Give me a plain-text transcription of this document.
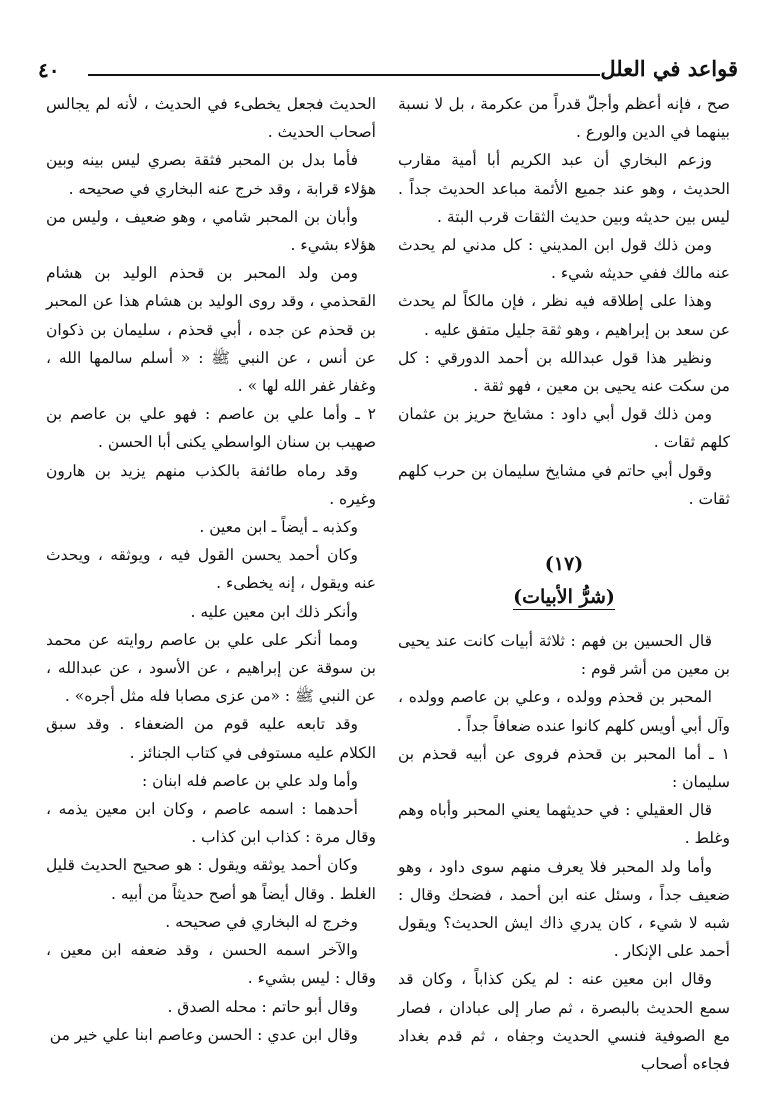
قواعد في العلل
٤٠

صح ، فإنه أعظم وأجلّ قدراً من عكرمة ، بل لا نسبة بينهما في الدين والورع .

وزعم البخاري أن عبد الكريم أبا أمية مقارب الحديث ، وهو عند جميع الأئمة مباعد الحديث جداً . ليس بين حديثه وبين حديث الثقات قرب البتة .

ومن ذلك قول ابن المديني : كل مدني لم يحدث عنه مالك ففي حديثه شيء .

وهذا على إطلاقه فيه نظر ، فإن مالكاً لم يحدث عن سعد بن إبراهيم ، وهو ثقة جليل متفق عليه .

ونظير هذا قول عبدالله بن أحمد الدورقي : كل من سكت عنه يحيى بن معين ، فهو ثقة .

ومن ذلك قول أبي داود : مشايخ حريز بن عثمان كلهم ثقات .

وقول أبي حاتم في مشايخ سليمان بن حرب كلهم ثقات .

(١٧)

(شرُّ الأبيات)

قال الحسين بن فهم : ثلاثة أبيات كانت عند يحيى بن معين من أشر قوم :

المحبر بن قحذم وولده ، وعلي بن عاصم وولده ، وآل أبي أويس كلهم كانوا عنده ضعافاً جداً .

١ ـ أما المحبر بن قحذم فروى عن أبيه قحذم بن سليمان :

قال العقيلي : في حديثهما يعني المحبر وأباه وهم وغلط .

وأما ولد المحبر فلا يعرف منهم سوى داود ، وهو ضعيف جداً ، وسئل عنه ابن أحمد ، فضحك وقال : شبه لا شيء ، كان يدري ذاك ايش الحديث؟ ويقول أحمد على الإنكار .

وقال ابن معين عنه : لم يكن كذاباً ، وكان قد سمع الحديث بالبصرة ، ثم صار إلى عبادان ، فصار مع الصوفية فنسي الحديث وجفاه ، ثم قدم بغداد فجاءه أصحاب

الحديث فجعل يخطىء في الحديث ، لأنه لم يجالس أصحاب الحديث .

فأما بدل بن المحبر فثقة بصري ليس بينه وبين هؤلاء قرابة ، وقد خرج عنه البخاري في صحيحه .

وأبان بن المحبر شامي ، وهو ضعيف ، وليس من هؤلاء بشيء .

ومن ولد المحبر بن قحذم الوليد بن هشام القحذمي ، وقد روى الوليد بن هشام هذا عن المحبر بن قحذم عن جده ، أبي قحذم ، سليمان بن ذكوان عن أنس ، عن النبي ﷺ : « أسلم سالمها الله ، وغفار غفر الله لها » .

٢ ـ وأما علي بن عاصم : فهو علي بن عاصم بن صهيب بن سنان الواسطي يكنى أبا الحسن .

وقد رماه طائفة بالكذب منهم يزيد بن هارون وغيره .

وكذبه ـ أيضاً ـ ابن معين .

وكان أحمد يحسن القول فيه ، ويوثقه ، ويحدث عنه ويقول ، إنه يخطىء .

وأنكر ذلك ابن معين عليه .

ومما أنكر على علي بن عاصم روايته عن محمد بن سوقة عن إبراهيم ، عن الأسود ، عن عبدالله ، عن النبي ﷺ : «من عزى مصابا فله مثل أجره» .

وقد تابعه عليه قوم من الضعفاء . وقد سبق الكلام عليه مستوفى في كتاب الجنائز .

وأما ولد علي بن عاصم فله ابنان :

أحدهما : اسمه عاصم ، وكان ابن معين يذمه ، وقال مرة : كذاب ابن كذاب .

وكان أحمد يوثقه ويقول : هو صحيح الحديث قليل الغلط . وقال أيضاً هو أصح حديثاً من أبيه .

وخرج له البخاري في صحيحه .

والآخر اسمه الحسن ، وقد ضعفه ابن معين ، وقال : ليس بشيء .

وقال أبو حاتم : محله الصدق .

وقال ابن عدي : الحسن وعاصم ابنا علي خير من
